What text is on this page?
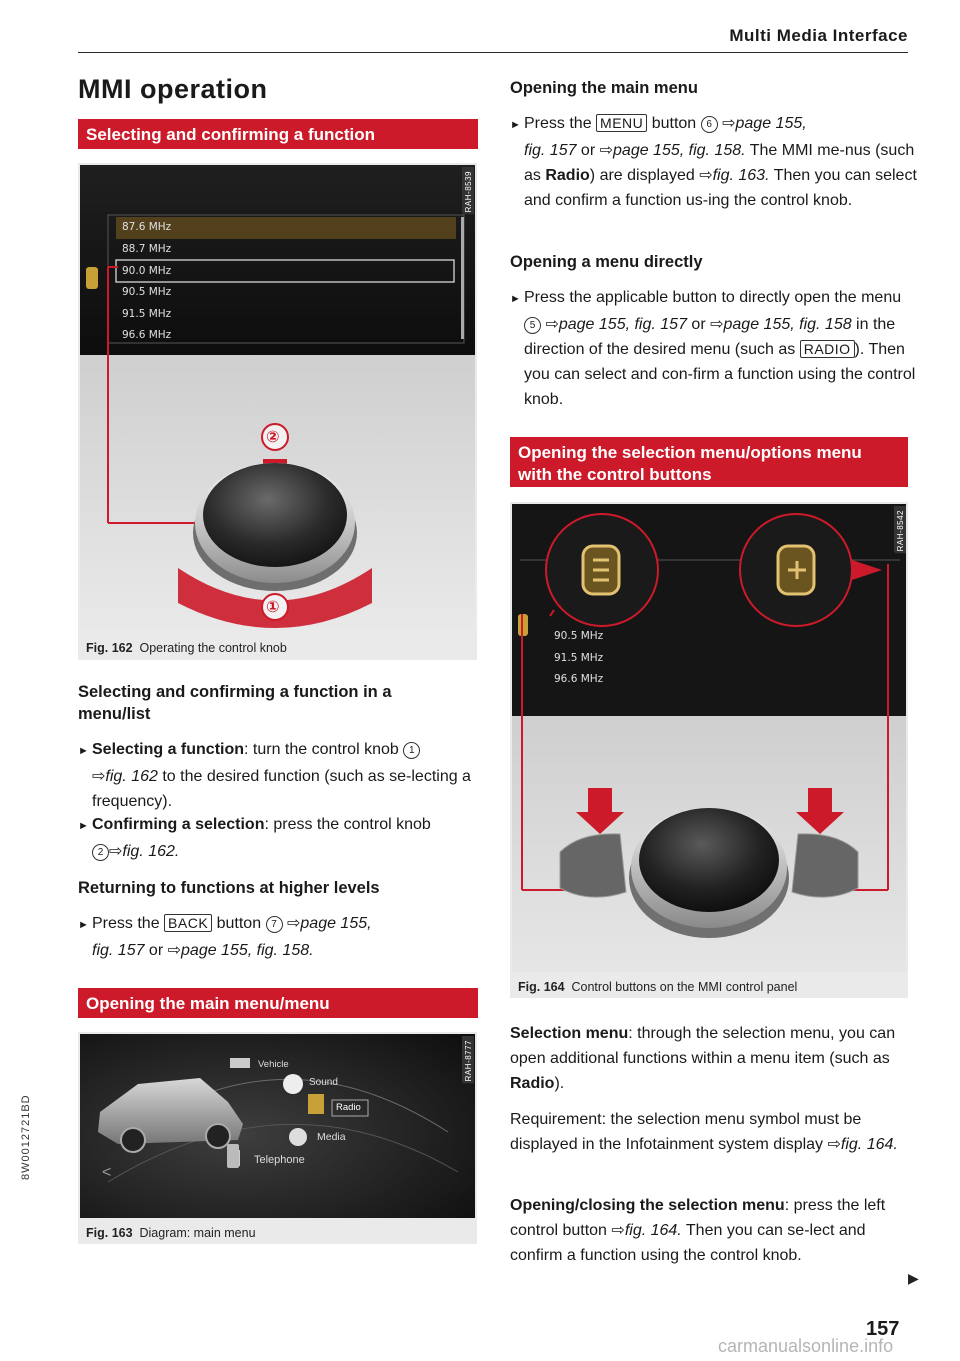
Multi Media Interface
8W0012721BD
MMI operation
Selecting and confirming a function
87.6 MHz
88.7 MHz
90.0 MHz
90.5 MHz
91.5 MHz
96.6 MHz
②
①
RAH-8539
Fig. 162 Operating the control knob
Selecting and confirming a function in a menu/list
► Selecting a function: turn the control knob 1
⇨fig. 162 to the desired function (such as se-lecting a frequency).
► Confirming a selection: press the control knob
2 ⇨fig. 162.
Returning to functions at higher levels
► Press the BACK button 7 ⇨page 155,
fig. 157 or ⇨page 155, fig. 158.
Opening the main menu/menu
Vehicle
Sound
Radio
Media
Telephone
<
RAH-8777
Fig. 163 Diagram: main menu
Opening the main menu
► Press the MENU button 6 ⇨page 155,
fig. 157 or ⇨page 155, fig. 158. The MMI me-nus (such as Radio) are displayed ⇨fig. 163. Then you can select and confirm a function us-ing the control knob.
Opening a menu directly
► Press the applicable button to directly open the menu 5 ⇨page 155, fig. 157 or ⇨page 155, fig. 158 in the direction of the desired menu (such as RADIO ). Then you can select and con-firm a function using the control knob.
Opening the selection menu/options menu with the control buttons
90.5 MHz
91.5 MHz
96.6 MHz
RAH-8542
Fig. 164 Control buttons on the MMI control panel
Selection menu: through the selection menu, you can open additional functions within a menu item (such as Radio).
Requirement: the selection menu symbol must be displayed in the Infotainment system display ⇨fig. 164.
Opening/closing the selection menu: press the left control button ⇨fig. 164. Then you can se-lect and confirm a function using the control knob.
▶
157
carmanualsonline.info
